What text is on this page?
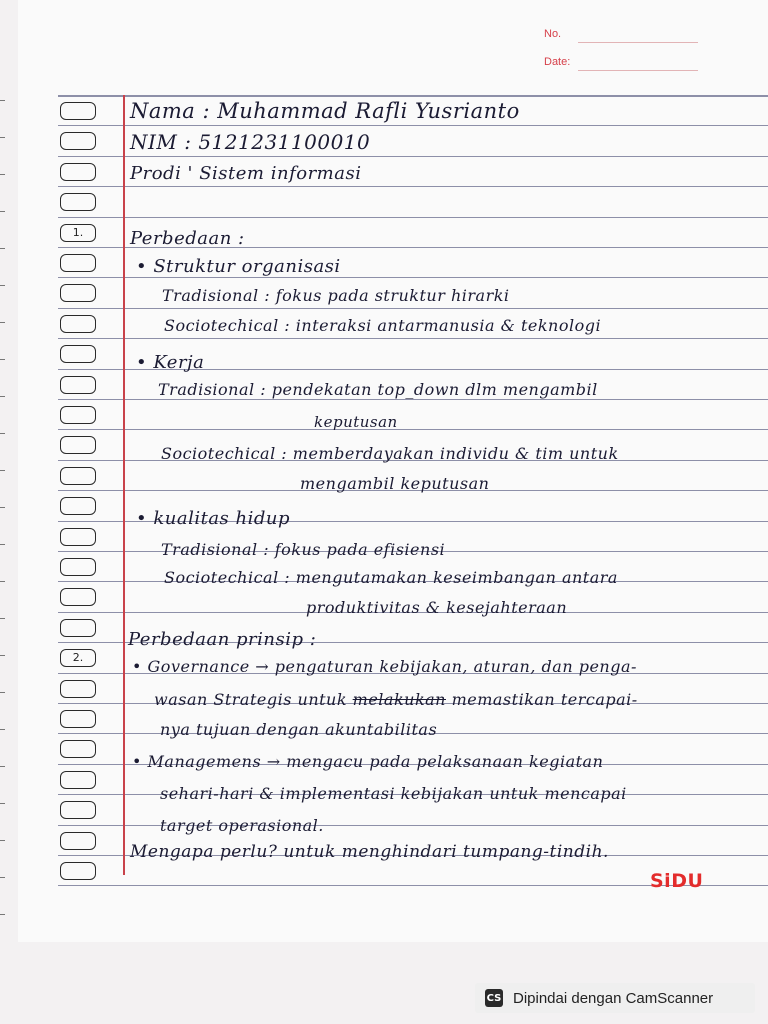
No.
Date:
1.
2.
Nama : Muhammad Rafli Yusrianto
NIM : 5121231100010
Prodi ' Sistem informasi
Perbedaan :
• Struktur organisasi
Tradisional : fokus pada struktur hirarki
Sociotechical : interaksi antarmanusia & teknologi
• Kerja
Tradisional : pendekatan top_down dlm mengambil
keputusan
Sociotechical : memberdayakan individu & tim untuk
mengambil keputusan
• kualitas hidup
Tradisional : fokus pada efisiensi
Sociotechical : mengutamakan keseimbangan antara
produktivitas & kesejahteraan
Perbedaan prinsip :
• Governance → pengaturan kebijakan, aturan, dan penga-
wasan Strategis untuk melakukan memastikan tercapai-
nya tujuan dengan akuntabilitas
• Managemens → mengacu pada pelaksanaan kegiatan
sehari-hari & implementasi kebijakan untuk mencapai
target operasional.
Mengapa perlu? untuk menghindari tumpang-tindih.
SiDU
CS Dipindai dengan CamScanner
